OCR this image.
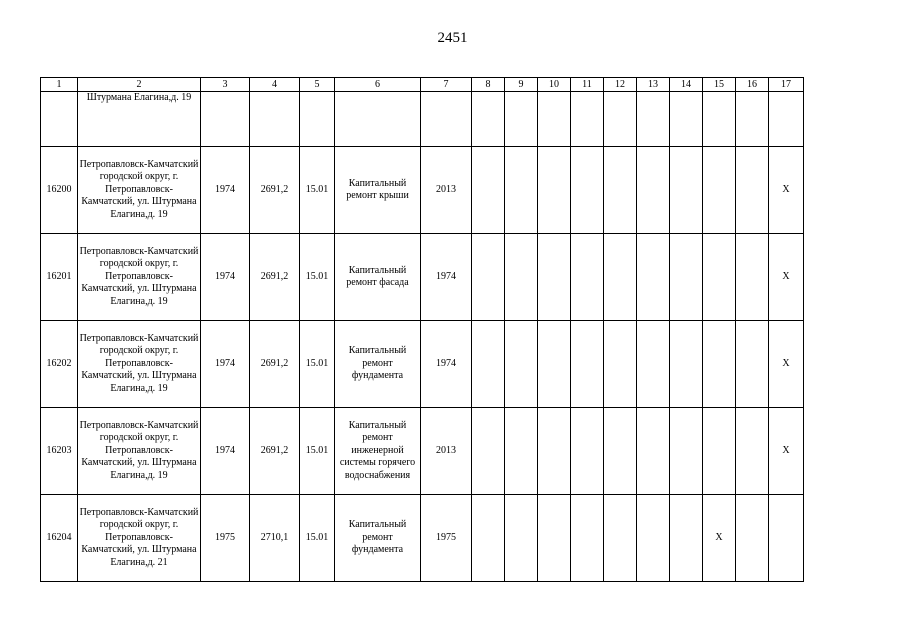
2451
1	2	3	4	5	6	7	8	9	10	11	12	13	14	15	16	17
	Штурмана Елагина,д. 19															
16200	Петропавловск-Камчатский городской округ, г. Петропавловск-Камчатский, ул. Штурмана Елагина,д. 19	1974	2691,2	15.01	Капитальный ремонт крыши	2013										X
16201	Петропавловск-Камчатский городской округ, г. Петропавловск-Камчатский, ул. Штурмана Елагина,д. 19	1974	2691,2	15.01	Капитальный ремонт фасада	1974										X
16202	Петропавловск-Камчатский городской округ, г. Петропавловск-Камчатский, ул. Штурмана Елагина,д. 19	1974	2691,2	15.01	Капитальный ремонт фундамента	1974										X
16203	Петропавловск-Камчатский городской округ, г. Петропавловск-Камчатский, ул. Штурмана Елагина,д. 19	1974	2691,2	15.01	Капитальный ремонт инженерной системы горячего водоснабжения	2013										X
16204	Петропавловск-Камчатский городской округ, г. Петропавловск-Камчатский, ул. Штурмана Елагина,д. 21	1975	2710,1	15.01	Капитальный ремонт фундамента	1975								X		
